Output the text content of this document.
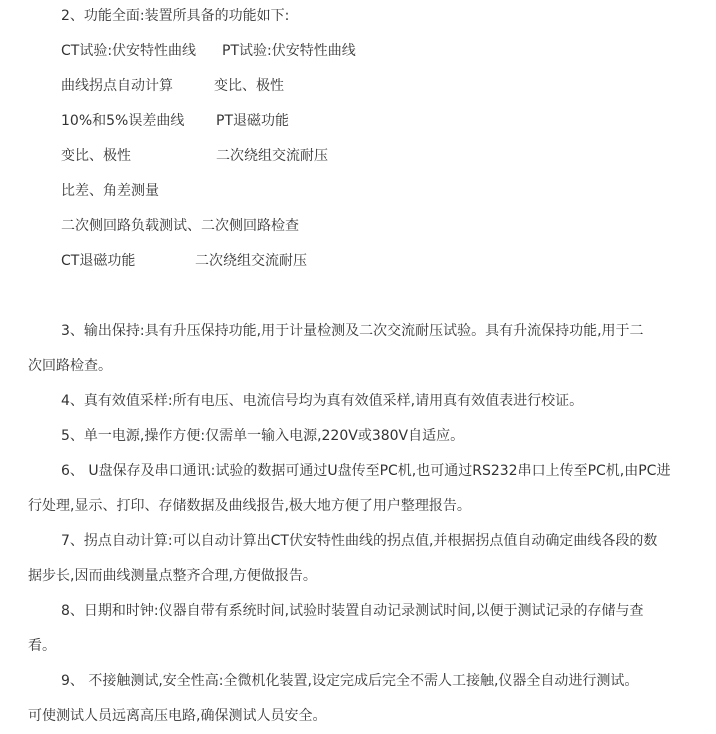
2、功能全面:装置所具备的功能如下:
CT试验:伏安特性曲线 PT试验:伏安特性曲线
曲线拐点自动计算	变比、极性
10%和5%误差曲线 PT退磁功能
变比、极性	二次绕组交流耐压
比差、角差测量
二次侧回路负载测试、二次侧回路检查
CT退磁功能	二次绕组交流耐压
3、输出保持:具有升压保持功能,用于计量检测及二次交流耐压试验。具有升流保持功能,用于二
次回路检查。
4、真有效值采样:所有电压、电流信号均为真有效值采样,请用真有效值表进行校证。
5、单一电源,操作方便:仅需单一输入电源,220V或380V自适应。
6、 U盘保存及串口通讯:试验的数据可通过U盘传至PC机,也可通过RS232串口上传至PC机,由PC进
行处理,显示、打印、存储数据及曲线报告,极大地方便了用户整理报告。
7、拐点自动计算:可以自动计算出CT伏安特性曲线的拐点值,并根据拐点值自动确定曲线各段的数
据步长,因而曲线测量点整齐合理,方便做报告。
8、日期和时钟:仪器自带有系统时间,试验时装置自动记录测试时间,以便于测试记录的存储与查
看。
9、 不接触测试,安全性高:全微机化装置,设定完成后完全不需人工接触,仪器全自动进行测试。
可使测试人员远离高压电路,确保测试人员安全。
